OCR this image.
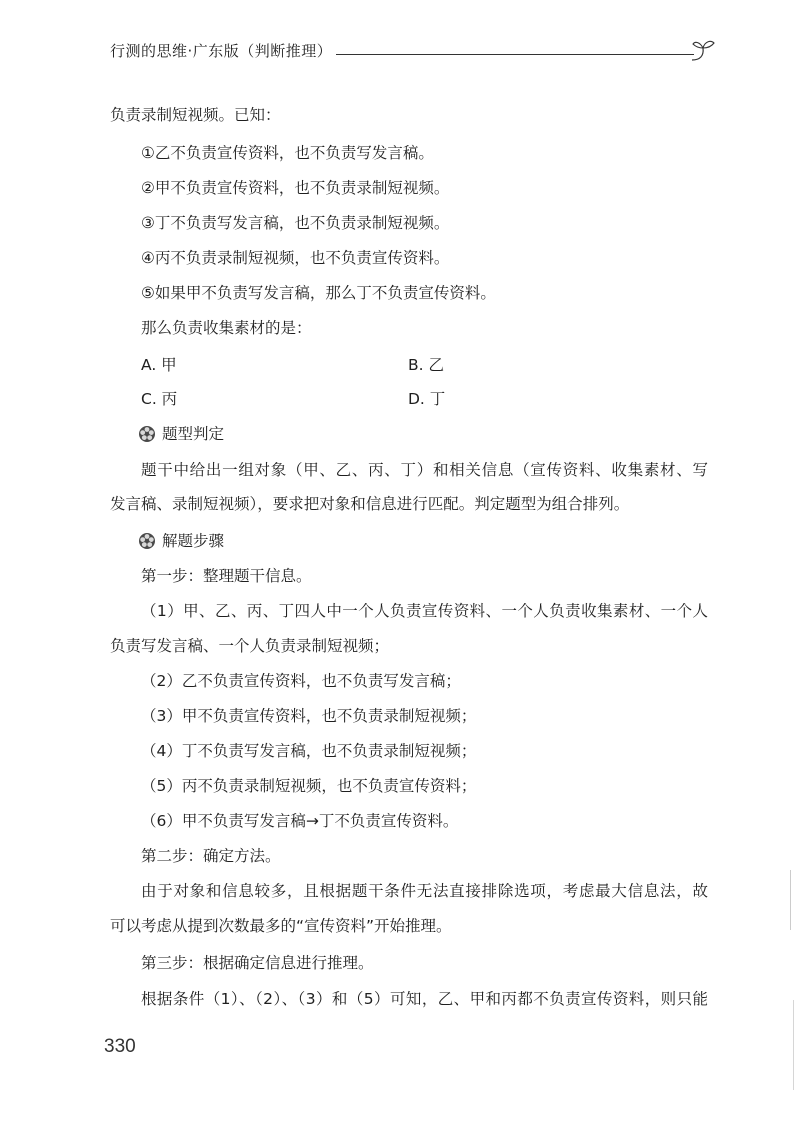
行测的思维·广东版（判断推理）
负责录制短视频。已知：
①乙不负责宣传资料，也不负责写发言稿。
②甲不负责宣传资料，也不负责录制短视频。
③丁不负责写发言稿，也不负责录制短视频。
④丙不负责录制短视频，也不负责宣传资料。
⑤如果甲不负责写发言稿，那么丁不负责宣传资料。
那么负责收集素材的是：
A. 甲	B. 乙
C. 丙	D. 丁
题型判定
题干中给出一组对象（甲、乙、丙、丁）和相关信息（宣传资料、收集素材、写
发言稿、录制短视频），要求把对象和信息进行匹配。判定题型为组合排列。
解题步骤
第一步：整理题干信息。
（1）甲、乙、丙、丁四人中一个人负责宣传资料、一个人负责收集素材、一个人
负责写发言稿、一个人负责录制短视频；
（2）乙不负责宣传资料，也不负责写发言稿；
（3）甲不负责宣传资料，也不负责录制短视频；
（4）丁不负责写发言稿，也不负责录制短视频；
（5）丙不负责录制短视频，也不负责宣传资料；
（6）甲不负责写发言稿→丁不负责宣传资料。
第二步：确定方法。
由于对象和信息较多，且根据题干条件无法直接排除选项，考虑最大信息法，故
可以考虑从提到次数最多的“宣传资料”开始推理。
第三步：根据确定信息进行推理。
根据条件（1）、（2）、（3）和（5）可知，乙、甲和丙都不负责宣传资料，则只能
330
